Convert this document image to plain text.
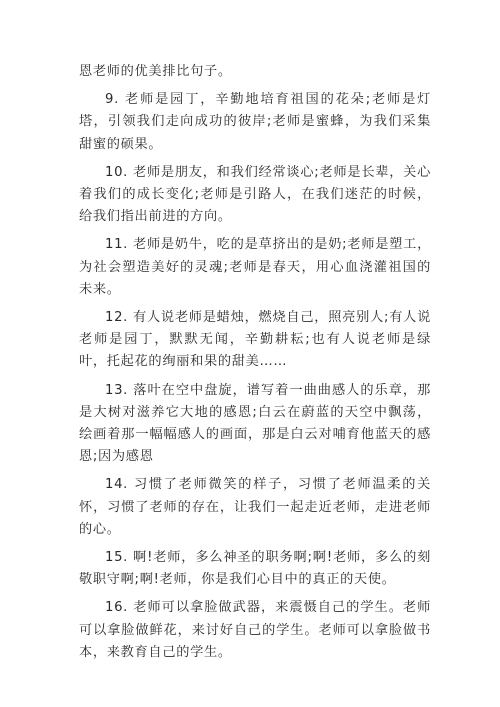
恩老师的优美排比句子。

9. 老师是园丁，辛勤地培育祖国的花朵;老师是灯塔，引领我们走向成功的彼岸;老师是蜜蜂，为我们采集甜蜜的硕果。

10. 老师是朋友，和我们经常谈心;老师是长辈，关心着我们的成长变化;老师是引路人，在我们迷茫的时候，给我们指出前进的方向。

11. 老师是奶牛，吃的是草挤出的是奶;老师是塑工，为社会塑造美好的灵魂;老师是春天，用心血浇灌祖国的未来。

12. 有人说老师是蜡烛，燃烧自己，照亮别人;有人说老师是园丁，默默无闻，辛勤耕耘;也有人说老师是绿叶，托起花的绚丽和果的甜美……

13. 落叶在空中盘旋，谱写着一曲曲感人的乐章，那是大树对滋养它大地的感恩;白云在蔚蓝的天空中飘荡，绘画着那一幅幅感人的画面，那是白云对哺育他蓝天的感恩;因为感恩

14. 习惯了老师微笑的样子，习惯了老师温柔的关怀，习惯了老师的存在，让我们一起走近老师，走进老师的心。

15. 啊!老师，多么神圣的职务啊;啊!老师，多么的刻敬职守啊;啊!老师，你是我们心目中的真正的天使。

16. 老师可以拿脸做武器，来震慑自己的学生。老师可以拿脸做鲜花，来讨好自己的学生。老师可以拿脸做书本，来教育自己的学生。
